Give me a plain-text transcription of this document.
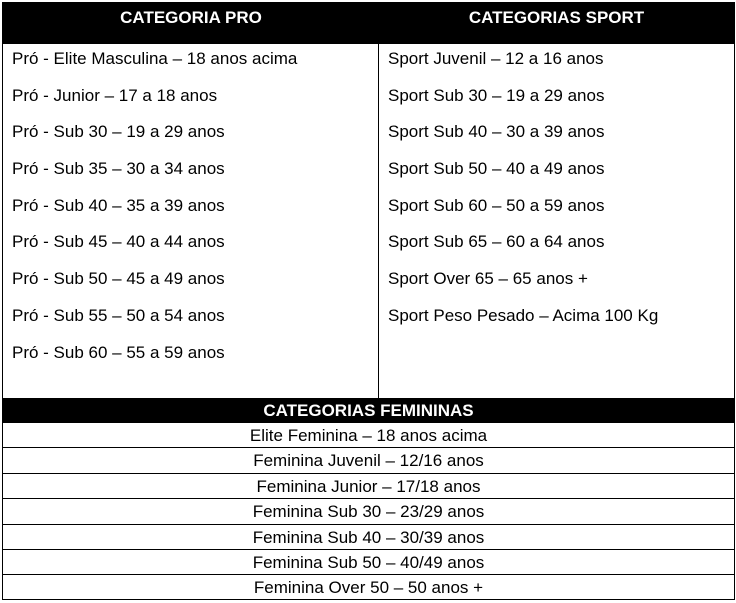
CATEGORIA PRO	CATEGORIAS SPORT
Pró - Elite Masculina – 18 anos acima
Pró - Junior – 17 a 18 anos
Pró - Sub 30 – 19 a 29 anos
Pró - Sub 35 – 30 a 34 anos
Pró - Sub 40 – 35 a 39 anos
Pró - Sub 45 – 40 a 44 anos
Pró - Sub 50 – 45 a 49 anos
Pró - Sub 55 – 50 a 54 anos
Pró - Sub 60 – 55 a 59 anos
Sport Juvenil – 12 a 16 anos
Sport Sub 30 – 19 a 29 anos
Sport Sub 40 – 30 a 39 anos
Sport Sub 50 – 40 a 49 anos
Sport Sub 60 – 50 a 59 anos
Sport Sub 65 – 60 a 64 anos
Sport Over 65 – 65 anos +
Sport Peso Pesado – Acima 100 Kg
CATEGORIAS FEMININAS
Elite Feminina – 18 anos acima
Feminina Juvenil – 12/16 anos
Feminina Junior – 17/18 anos
Feminina Sub 30 – 23/29 anos
Feminina Sub 40 – 30/39 anos
Feminina Sub 50 – 40/49 anos
Feminina Over 50 – 50 anos +
